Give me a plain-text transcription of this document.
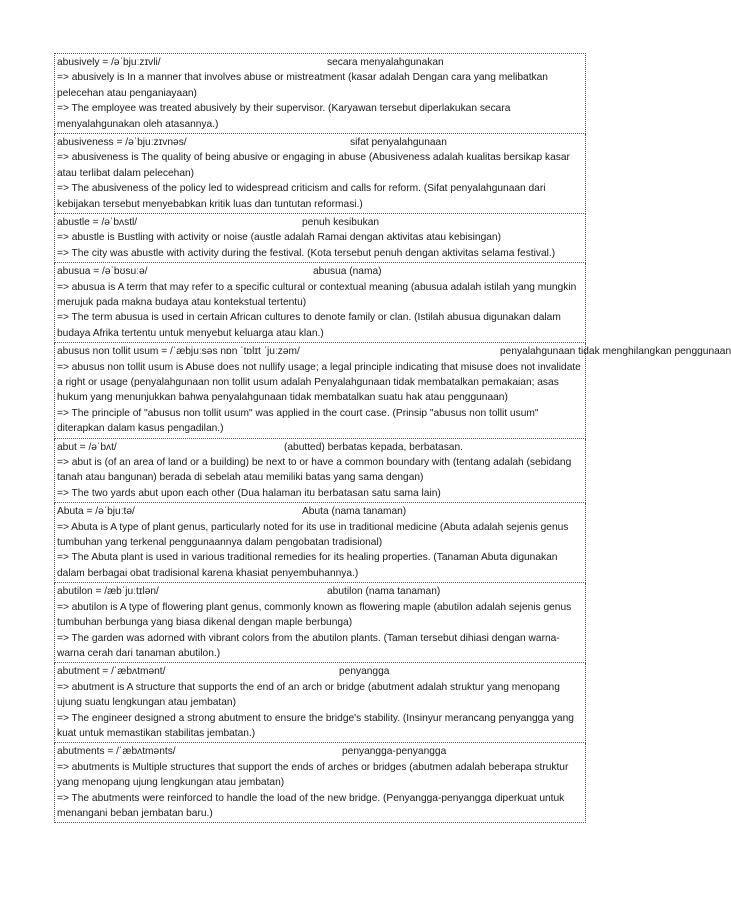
abusively = /əˈbjuːzɪvli/	secara menyalahgunakan
=> abusively is In a manner that involves abuse or mistreatment (kasar adalah Dengan cara yang melibatkan pelecehan atau penganiayaan)
=> The employee was treated abusively by their supervisor. (Karyawan tersebut diperlakukan secara menyalahgunakan oleh atasannya.)
abusiveness = /əˈbjuːzɪvnəs/	sifat penyalahgunaan
=> abusiveness is The quality of being abusive or engaging in abuse (Abusiveness adalah kualitas bersikap kasar atau terlibat dalam pelecehan)
=> The abusiveness of the policy led to widespread criticism and calls for reform. (Sifat penyalahgunaan dari kebijakan tersebut menyebabkan kritik luas dan tuntutan reformasi.)
abustle = /əˈbʌstl/	penuh kesibukan
=> abustle is Bustling with activity or noise (austle adalah Ramai dengan aktivitas atau kebisingan)
=> The city was abustle with activity during the festival. (Kota tersebut penuh dengan aktivitas selama festival.)
abusua = /əˈbʊsuːə/	abusua (nama)
=> abusua is A term that may refer to a specific cultural or contextual meaning (abusua adalah istilah yang mungkin merujuk pada makna budaya atau kontekstual tertentu)
=> The term abusua is used in certain African cultures to denote family or clan. (Istilah abusua digunakan dalam budaya Afrika tertentu untuk menyebut keluarga atau klan.)
abusus non tollit usum = /ˈæbjuːsəs nɒn ˈtɒlɪt ˈjuːzəm/	penyalahgunaan tidak menghilangkan penggunaan
=> abusus non tollit usum is Abuse does not nullify usage; a legal principle indicating that misuse does not invalidate a right or usage (penyalahgunaan non tollit usum adalah Penyalahgunaan tidak membatalkan pemakaian; asas hukum yang menunjukkan bahwa penyalahgunaan tidak membatalkan suatu hak atau penggunaan)
=> The principle of "abusus non tollit usum" was applied in the court case. (Prinsip "abusus non tollit usum" diterapkan dalam kasus pengadilan.)
abut = /əˈbʌt/	(abutted) berbatas kepada, berbatasan.
=> abut is (of an area of land or a building) be next to or have a common boundary with (tentang adalah (sebidang tanah atau bangunan) berada di sebelah atau memiliki batas yang sama dengan)
=> The two yards abut upon each other (Dua halaman itu berbatasan satu sama lain)
Abuta = /əˈbjuːtə/	Abuta (nama tanaman)
=> Abuta is A type of plant genus, particularly noted for its use in traditional medicine (Abuta adalah sejenis genus tumbuhan yang terkenal penggunaannya dalam pengobatan tradisional)
=> The Abuta plant is used in various traditional remedies for its healing properties. (Tanaman Abuta digunakan dalam berbagai obat tradisional karena khasiat penyembuhannya.)
abutilon = /æbˈjuːtɪlən/	abutilon (nama tanaman)
=> abutilon is A type of flowering plant genus, commonly known as flowering maple (abutilon adalah sejenis genus tumbuhan berbunga yang biasa dikenal dengan maple berbunga)
=> The garden was adorned with vibrant colors from the abutilon plants. (Taman tersebut dihiasi dengan warna-warna cerah dari tanaman abutilon.)
abutment = /ˈæbʌtmənt/	penyangga
=> abutment is A structure that supports the end of an arch or bridge (abutment adalah struktur yang menopang ujung suatu lengkungan atau jembatan)
=> The engineer designed a strong abutment to ensure the bridge's stability. (Insinyur merancang penyangga yang kuat untuk memastikan stabilitas jembatan.)
abutments = /ˈæbʌtmənts/	penyangga-penyangga
=> abutments is Multiple structures that support the ends of arches or bridges (abutmen adalah beberapa struktur yang menopang ujung lengkungan atau jembatan)
=> The abutments were reinforced to handle the load of the new bridge. (Penyangga-penyangga diperkuat untuk menangani beban jembatan baru.)
